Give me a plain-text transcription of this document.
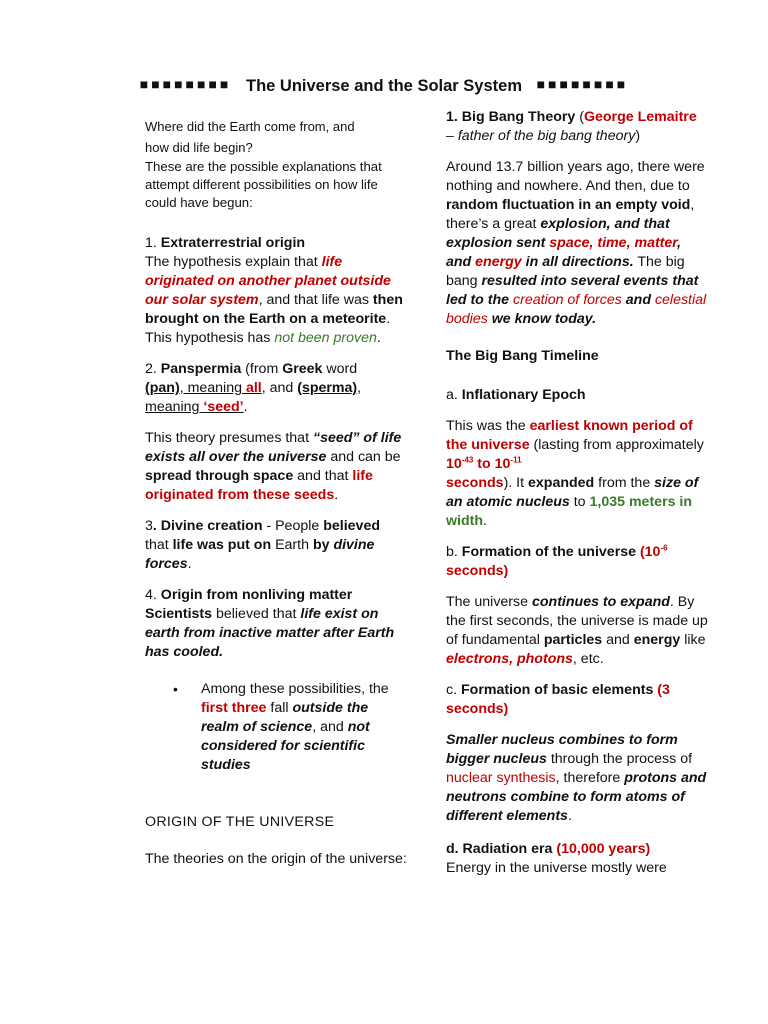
■■■■■■■■ The Universe and the Solar System ■■■■■■■■

Where did the Earth come from, and
how did life begin?

These are the possible explanations that attempt different possibilities on how life could have begun:

1. Extraterrestrial origin
The hypothesis explain that life originated on another planet outside our solar system, and that life was then brought on the Earth on a meteorite. This hypothesis has not been proven.

2. Panspermia (from Greek word
(pan), meaning all, and (sperma),
meaning ‘seed’.

This theory presumes that “seed” of life exists all over the universe and can be spread through space and that life originated from these seeds.

3. Divine creation - People believed that life was put on Earth by divine forces.

4. Origin from nonliving matter
Scientists believed that life exist on earth from inactive matter after Earth has cooled.

• Among these possibilities, the first three fall outside the realm of science, and not considered for scientific studies

ORIGIN OF THE UNIVERSE

The theories on the origin of the universe:

1. Big Bang Theory (George Lemaitre – father of the big bang theory)

Around 13.7 billion years ago, there were nothing and nowhere. And then, due to random fluctuation in an empty void, there’s a great explosion, and that explosion sent space, time, matter, and energy in all directions. The big bang resulted into several events that led to the creation of forces and celestial bodies we know today.

The Big Bang Timeline

a. Inflationary Epoch

This was the earliest known period of the universe (lasting from approximately $10^{-43}$ to $10^{-11}$
seconds). It expanded from the size of an atomic nucleus to 1,035 meters in width.

b. Formation of the universe ($10^{-6}$
seconds)

The universe continues to expand. By the first seconds, the universe is made up of fundamental particles and energy like electrons, photons, etc.

c. Formation of basic elements (3 seconds)

Smaller nucleus combines to form bigger nucleus through the process of nuclear synthesis, therefore protons and neutrons combine to form atoms of different elements.

d. Radiation era (10,000 years)

Energy in the universe mostly were
